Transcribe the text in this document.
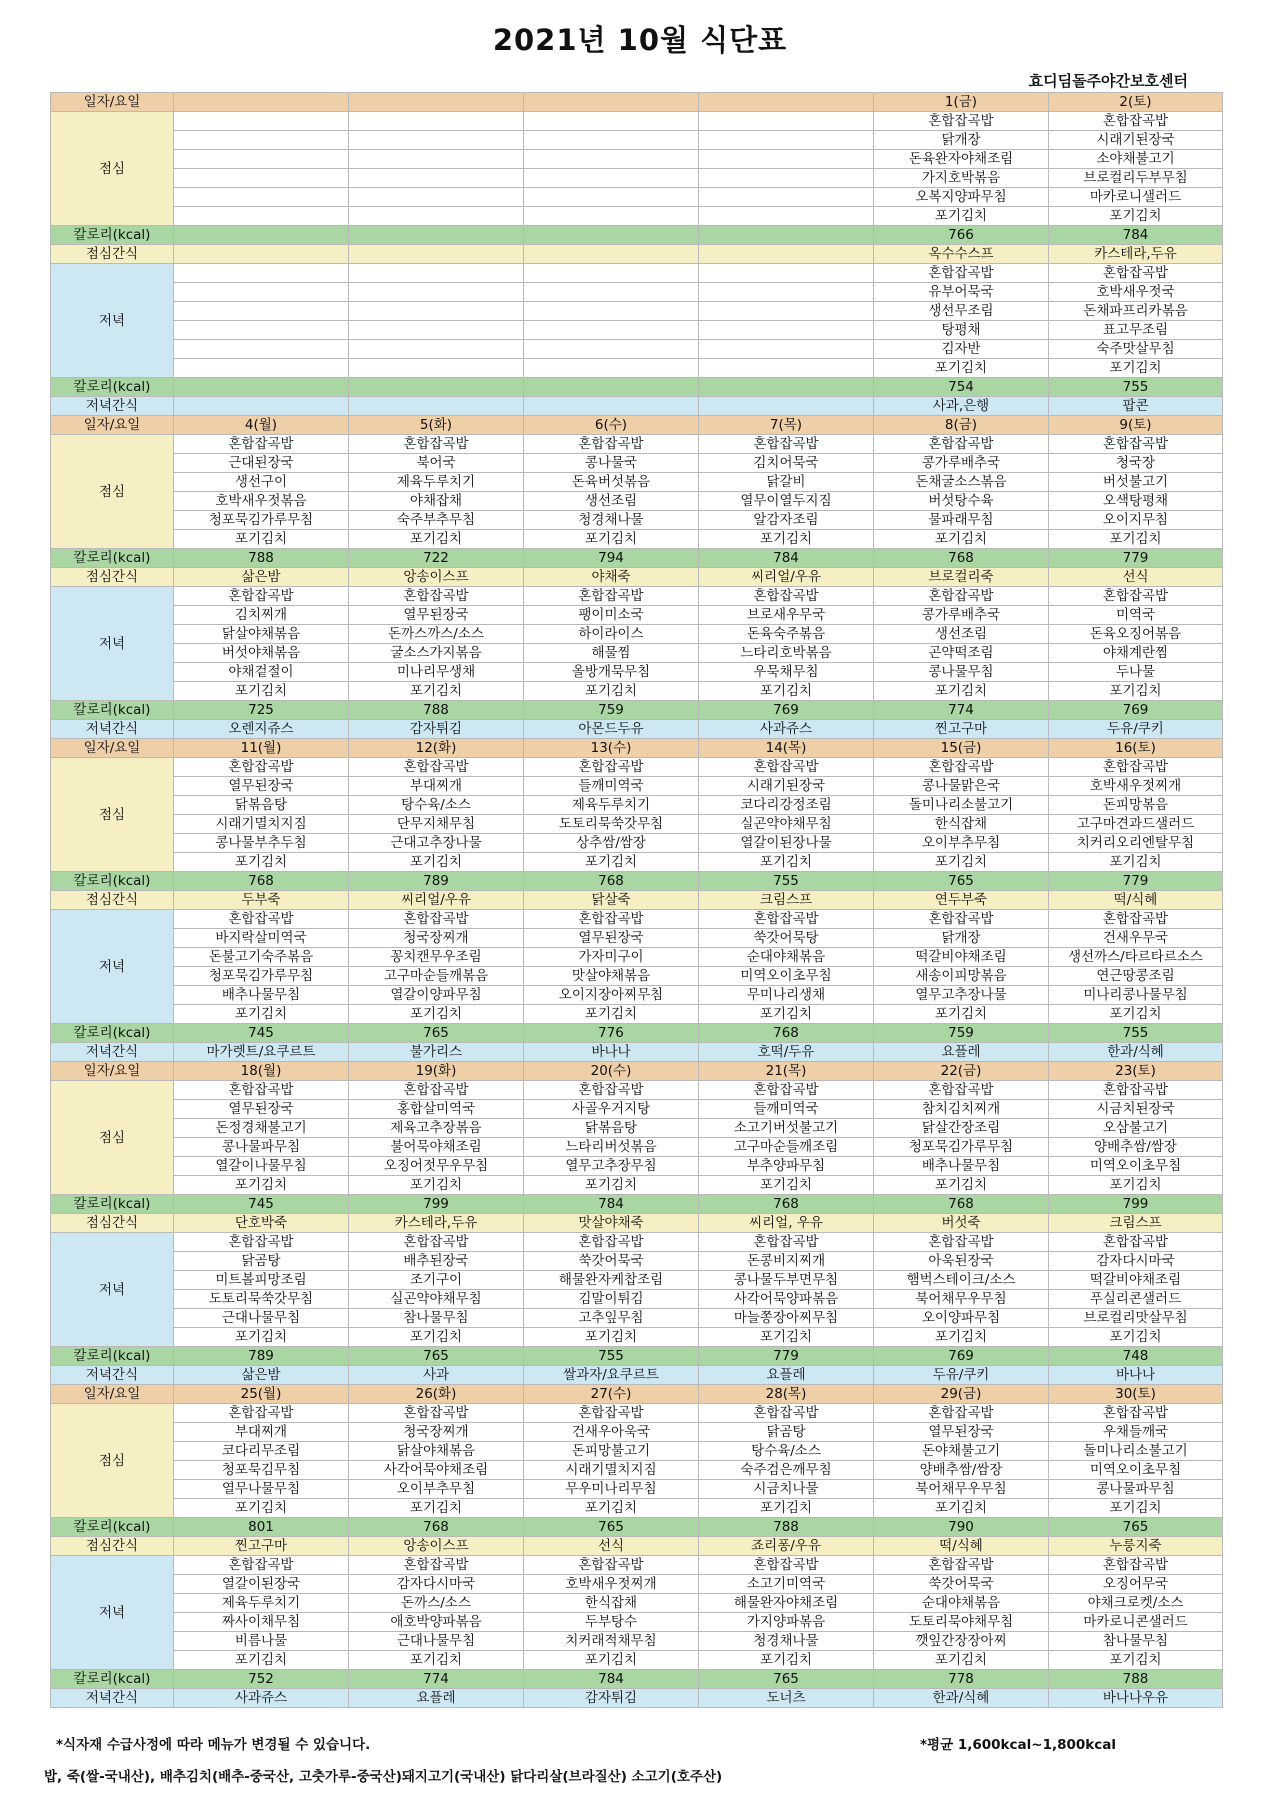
2021년 10월 식단표
효디딤돌주야간보호센터
일자/요일					1(금)	2(토)
점심					혼합잡곡밥	혼합잡곡밥
					닭개장	시래기된장국
					돈육완자야채조림	소야채불고기
					가지호박볶음	브로컬리두부무침
					오복지양파무침	마카로니샐러드
					포기김치	포기김치
칼로리(kcal)					766	784
점심간식					옥수수스프	카스테라,두유
저녁					혼합잡곡밥	혼합잡곡밥
					유부어묵국	호박새우젓국
					생선무조림	돈채파프리카볶음
					탕평채	표고무조림
					김자반	숙주맛살무침
					포기김치	포기김치
칼로리(kcal)					754	755
저녁간식					사과,은행	팝콘
일자/요일	4(월)	5(화)	6(수)	7(목)	8(금)	9(토)
점심	혼합잡곡밥	혼합잡곡밥	혼합잡곡밥	혼합잡곡밥	혼합잡곡밥	혼합잡곡밥
	근대된장국	북어국	콩나물국	김치어묵국	콩가루배추국	청국장
	생선구이	제육두루치기	돈육버섯볶음	닭갈비	돈채굴소스볶음	버섯불고기
	호박새우젓볶음	야채잡채	생선조림	열무이열두지짐	버섯탕수육	오색탕평채
	청포묵김가루무침	숙주부추무침	청경채나물	알감자조림	물파래무침	오이지무침
	포기김치	포기김치	포기김치	포기김치	포기김치	포기김치
칼로리(kcal)	788	722	794	784	768	779
점심간식	삶은밤	앙송이스프	야채죽	씨리얼/우유	브로컬리죽	선식
저녁	혼합잡곡밥	혼합잡곡밥	혼합잡곡밥	혼합잡곡밥	혼합잡곡밥	혼합잡곡밥
	김치찌개	열무된장국	팽이미소국	브로새우무국	콩가루배추국	미역국
	닭살야채볶음	돈까스까스/소스	하이라이스	돈육숙주볶음	생선조림	돈육오징어볶음
	버섯야채볶음	굴소스가지볶음	해물찜	느타리호박볶음	곤약떡조림	야채계란찜
	야채겉절이	미나리무생채	올방개묵무침	우묵채무침	콩나물무침	두나물
	포기김치	포기김치	포기김치	포기김치	포기김치	포기김치
칼로리(kcal)	725	788	759	769	774	769
저녁간식	오렌지쥬스	감자튀김	아몬드두유	사과쥬스	찐고구마	두유/쿠키
일자/요일	11(월)	12(화)	13(수)	14(목)	15(금)	16(토)
점심	혼합잡곡밥	혼합잡곡밥	혼합잡곡밥	혼합잡곡밥	혼합잡곡밥	혼합잡곡밥
	열무된장국	부대찌개	들깨미역국	시래기된장국	콩나물맑은국	호박새우젓찌개
	닭볶음탕	탕수육/소스	제육두루치기	코다리강정조림	돌미나리소불고기	돈피망볶음
	시래기멸치지짐	단무지채무침	도토리묵쑥갓무침	실곤약야채무침	한식잡채	고구마견과드샐러드
	콩나물부추두침	근대고추장나물	상추쌈/쌈장	열갈이된장나물	오이부추무침	치커리오리엔탈무침
	포기김치	포기김치	포기김치	포기김치	포기김치	포기김치
칼로리(kcal)	768	789	768	755	765	779
점심간식	두부죽	씨리얼/우유	닭살죽	크림스프	연두부죽	떡/식혜
저녁	혼합잡곡밥	혼합잡곡밥	혼합잡곡밥	혼합잡곡밥	혼합잡곡밥	혼합잡곡밥
	바지락살미역국	청국장찌개	열무된장국	쑥갓어묵탕	닭개장	건새우무국
	돈불고기숙주볶음	꽁치캔무우조림	가자미구이	순대야채볶음	떡갈비야채조림	생선까스/타르타르소스
	청포묵김가루무침	고구마순들깨볶음	맛살야채볶음	미역오이초무침	새송이피망볶음	연근땅콩조림
	배추나물무침	열갈이양파무침	오이지장아찌무침	무미나리생채	열무고추장나물	미나리콩나물무침
	포기김치	포기김치	포기김치	포기김치	포기김치	포기김치
칼로리(kcal)	745	765	776	768	759	755
저녁간식	마가렛트/요쿠르트	불가리스	바나나	호떡/두유	요플레	한과/식혜
일자/요일	18(월)	19(화)	20(수)	21(목)	22(금)	23(토)
점심	혼합잡곡밥	혼합잡곡밥	혼합잡곡밥	혼합잡곡밥	혼합잡곡밥	혼합잡곡밥
	열무된장국	홍합살미역국	사골우거지탕	들깨미역국	참치김치찌개	시금치된장국
	돈정경채불고기	제육고추장볶음	닭볶음탕	소고기버섯불고기	닭살간장조림	오삼불고기
	콩나물파무침	불어묵야채조림	느타리버섯볶음	고구마순들깨조림	청포묵김가루무침	양배추쌈/쌈장
	열갈이나물무침	오징어젓무우무침	열무고추장무침	부추양파무침	배추나물무침	미역오이초무침
	포기김치	포기김치	포기김치	포기김치	포기김치	포기김치
칼로리(kcal)	745	799	784	768	768	799
점심간식	단호박죽	카스테라,두유	맛살야채죽	씨리얼, 우유	버섯죽	크림스프
저녁	혼합잡곡밥	혼합잡곡밥	혼합잡곡밥	혼합잡곡밥	혼합잡곡밥	혼합잡곡밥
	닭곰탕	배추된장국	쑥갓어묵국	돈콩비지찌개	아욱된장국	감자다시마국
	미트볼피망조림	조기구이	해물완자케찹조림	콩나물두부면무침	햄벅스테이크/소스	떡갈비야채조림
	도토리묵쑥갓무침	실곤약야채무침	김말이튀김	사각어묵양파볶음	북어채무우무침	푸실리콘샐러드
	근대나물무침	참나물무침	고추잎무침	마늘쫑장아찌무침	오이양파무침	브로컬리맛살무침
	포기김치	포기김치	포기김치	포기김치	포기김치	포기김치
칼로리(kcal)	789	765	755	779	769	748
저녁간식	삶은밤	사과	쌀과자/요쿠르트	요플레	두유/쿠키	바나나
일자/요일	25(월)	26(화)	27(수)	28(목)	29(금)	30(토)
점심	혼합잡곡밥	혼합잡곡밥	혼합잡곡밥	혼합잡곡밥	혼합잡곡밥	혼합잡곡밥
	부대찌개	청국장찌개	건새우아욱국	닭곰탕	열무된장국	우채들깨국
	코다리무조림	닭살야채볶음	돈피망불고기	탕수육/소스	돈야채불고기	돌미나리소불고기
	청포묵김무침	사각어묵야채조림	시래기멸치지짐	숙주검은깨무침	양배추쌈/쌈장	미역오이초무침
	열무나물무침	오이부추무침	무우미나리무침	시금치나물	북어채무우무침	콩나물파무침
	포기김치	포기김치	포기김치	포기김치	포기김치	포기김치
칼로리(kcal)	801	768	765	788	790	765
점심간식	찐고구마	앙송이스프	선식	죠리퐁/우유	떡/식혜	누룽지죽
저녁	혼합잡곡밥	혼합잡곡밥	혼합잡곡밥	혼합잡곡밥	혼합잡곡밥	혼합잡곡밥
	열갈이된장국	감자다시마국	호박새우젓찌개	소고기미역국	쑥갓어묵국	오징어무국
	제육두루치기	돈까스/소스	한식잡채	해물완자야채조림	순대야채볶음	야채크로켓/소스
	짜사이채무침	애호박양파볶음	두부탕수	가지양파볶음	도토리묵야채무침	마카로니콘샐러드
	비름나물	근대나물무침	치커래적채무침	청경채나물	깻잎간장장아찌	참나물무침
	포기김치	포기김치	포기김치	포기김치	포기김치	포기김치
칼로리(kcal)	752	774	784	765	778	788
저녁간식	사과쥬스	요플레	감자튀김	도너츠	한과/식혜	바나나우유
*식자재 수급사정에 따라 메뉴가 변경될 수 있습니다.	*평균 1,600kcal~1,800kcal
밥, 죽(쌀-국내산), 배추김치(배추-중국산, 고춧가루-중국산)돼지고기(국내산) 닭다리살(브라질산) 소고기(호주산)
